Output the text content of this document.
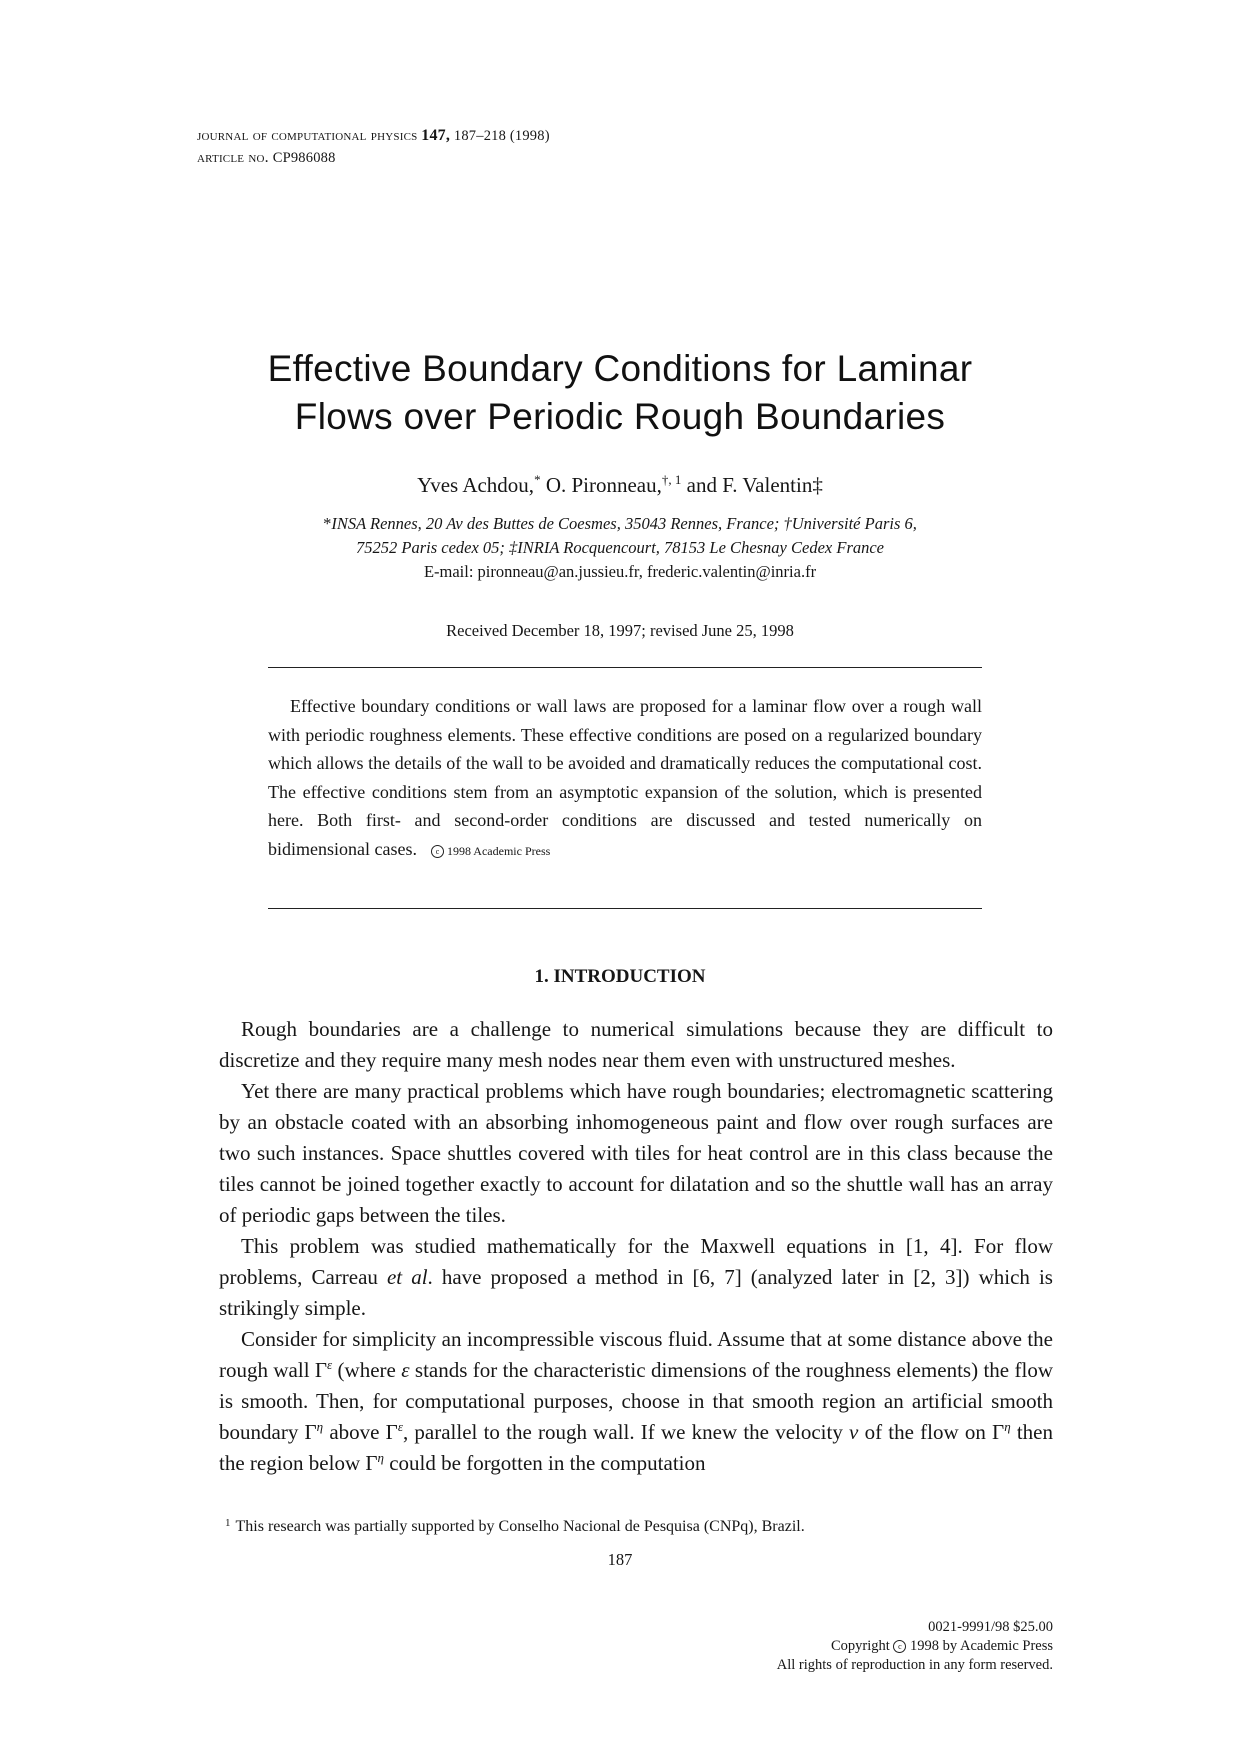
journal of computational physics 147, 187–218 (1998)
article no. CP986088
Effective Boundary Conditions for Laminar
Flows over Periodic Rough Boundaries
Yves Achdou,* O. Pironneau,$^{\dagger, 1}$ and F. Valentin‡
*INSA Rennes, 20 Av des Buttes de Coesmes, 35043 Rennes, France; †Université Paris 6,
75252 Paris cedex 05; ‡INRIA Rocquencourt, 78153 Le Chesnay Cedex France
E-mail: pironneau@an.jussieu.fr, frederic.valentin@inria.fr
Received December 18, 1997; revised June 25, 1998

Effective boundary conditions or wall laws are proposed for a laminar flow over a rough wall with periodic roughness elements. These effective conditions are posed on a regularized boundary which allows the details of the wall to be avoided and dramatically reduces the computational cost. The effective conditions stem from an asymptotic expansion of the solution, which is presented here. Both first- and second-order conditions are discussed and tested numerically on bidimensional cases. c 1998 Academic Press

1. INTRODUCTION

Rough boundaries are a challenge to numerical simulations because they are difficult to discretize and they require many mesh nodes near them even with unstructured meshes.

Yet there are many practical problems which have rough boundaries; electromagnetic scattering by an obstacle coated with an absorbing inhomogeneous paint and flow over rough surfaces are two such instances. Space shuttles covered with tiles for heat control are in this class because the tiles cannot be joined together exactly to account for dilatation and so the shuttle wall has an array of periodic gaps between the tiles.

This problem was studied mathematically for the Maxwell equations in [1, 4]. For flow problems, Carreau et al. have proposed a method in [6, 7] (analyzed later in [2, 3]) which is strikingly simple.

Consider for simplicity an incompressible viscous fluid. Assume that at some distance above the rough wall $\Gamma^\varepsilon$ (where ε stands for the characteristic dimensions of the roughness elements) the flow is smooth. Then, for computational purposes, choose in that smooth region an artificial smooth boundary $\Gamma^\eta$ above $\Gamma^\varepsilon$, parallel to the rough wall. If we knew the velocity v of the flow on $\Gamma^\eta$ then the region below $\Gamma^\eta$ could be forgotten in the computation

$^1$ This research was partially supported by Conselho Nacional de Pesquisa (CNPq), Brazil.
187
0021-9991/98 $25.00
Copyright c 1998 by Academic Press
All rights of reproduction in any form reserved.
